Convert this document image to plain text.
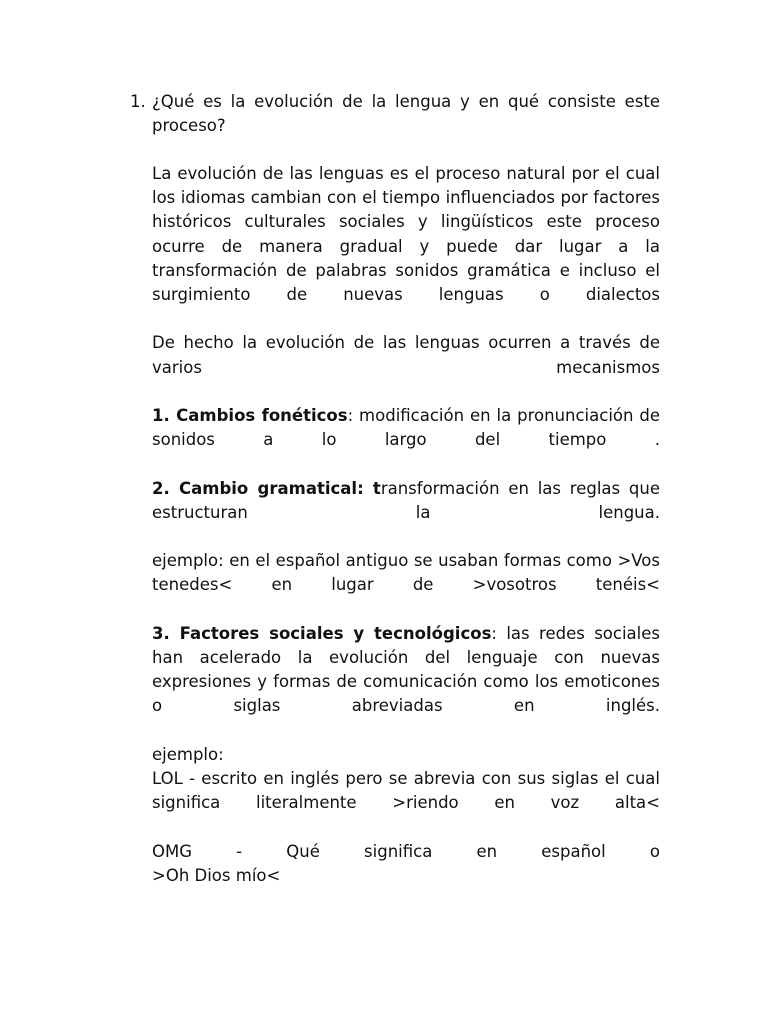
1. ¿Qué es la evolución de la lengua y en qué consiste este proceso?

La evolución de las lenguas es el proceso natural por el cual los idiomas cambian con el tiempo influenciados por factores históricos culturales sociales y lingüísticos este proceso ocurre de manera gradual y puede dar lugar a la transformación de palabras sonidos gramática e incluso el surgimiento de nuevas lenguas o dialectos

De hecho la evolución de las lenguas ocurren a través de varios mecanismos

1. Cambios fonéticos: modificación en la pronunciación de sonidos a lo largo del tiempo .

2. Cambio gramatical: transformación en las reglas que estructuran la lengua.

ejemplo: en el español antiguo se usaban formas como >Vos tenedes< en lugar de >vosotros tenéis<

3. Factores sociales y tecnológicos: las redes sociales han acelerado la evolución del lenguaje con nuevas expresiones y formas de comunicación como los emoticones o siglas abreviadas en inglés.

ejemplo:
LOL - escrito en inglés pero se abrevia con sus siglas el cual significa literalmente >riendo en voz alta<

OMG - Qué significa en español o
>Oh Dios mío<
